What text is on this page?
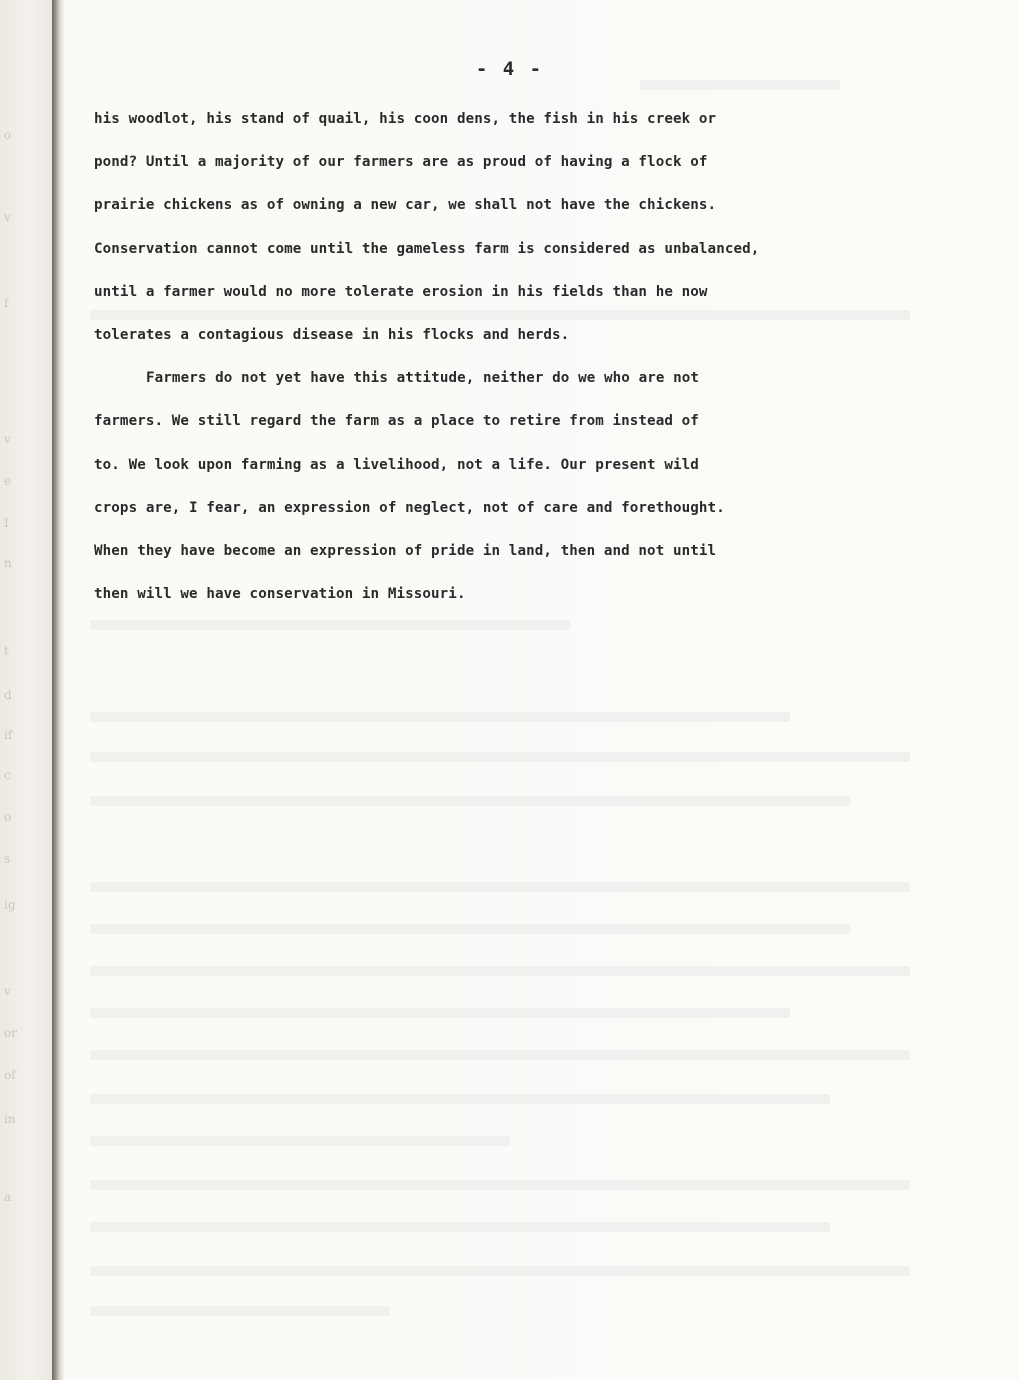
o
v
f
v
e
I
n
t
d
if
c
o
s
ig
v
or
of
in
a
- 4 -
his woodlot, his stand of quail, his coon dens, the fish in his creek or
pond? Until a majority of our farmers are as proud of having a flock of
prairie chickens as of owning a new car, we shall not have the chickens.
Conservation cannot come until the gameless farm is considered as unbalanced,
until a farmer would no more tolerate erosion in his fields than he now
tolerates a contagious disease in his flocks and herds.
Farmers do not yet have this attitude, neither do we who are not
farmers. We still regard the farm as a place to retire from instead of
to. We look upon farming as a livelihood, not a life. Our present wild
crops are, I fear, an expression of neglect, not of care and forethought.
When they have become an expression of pride in land, then and not until
then will we have conservation in Missouri.
